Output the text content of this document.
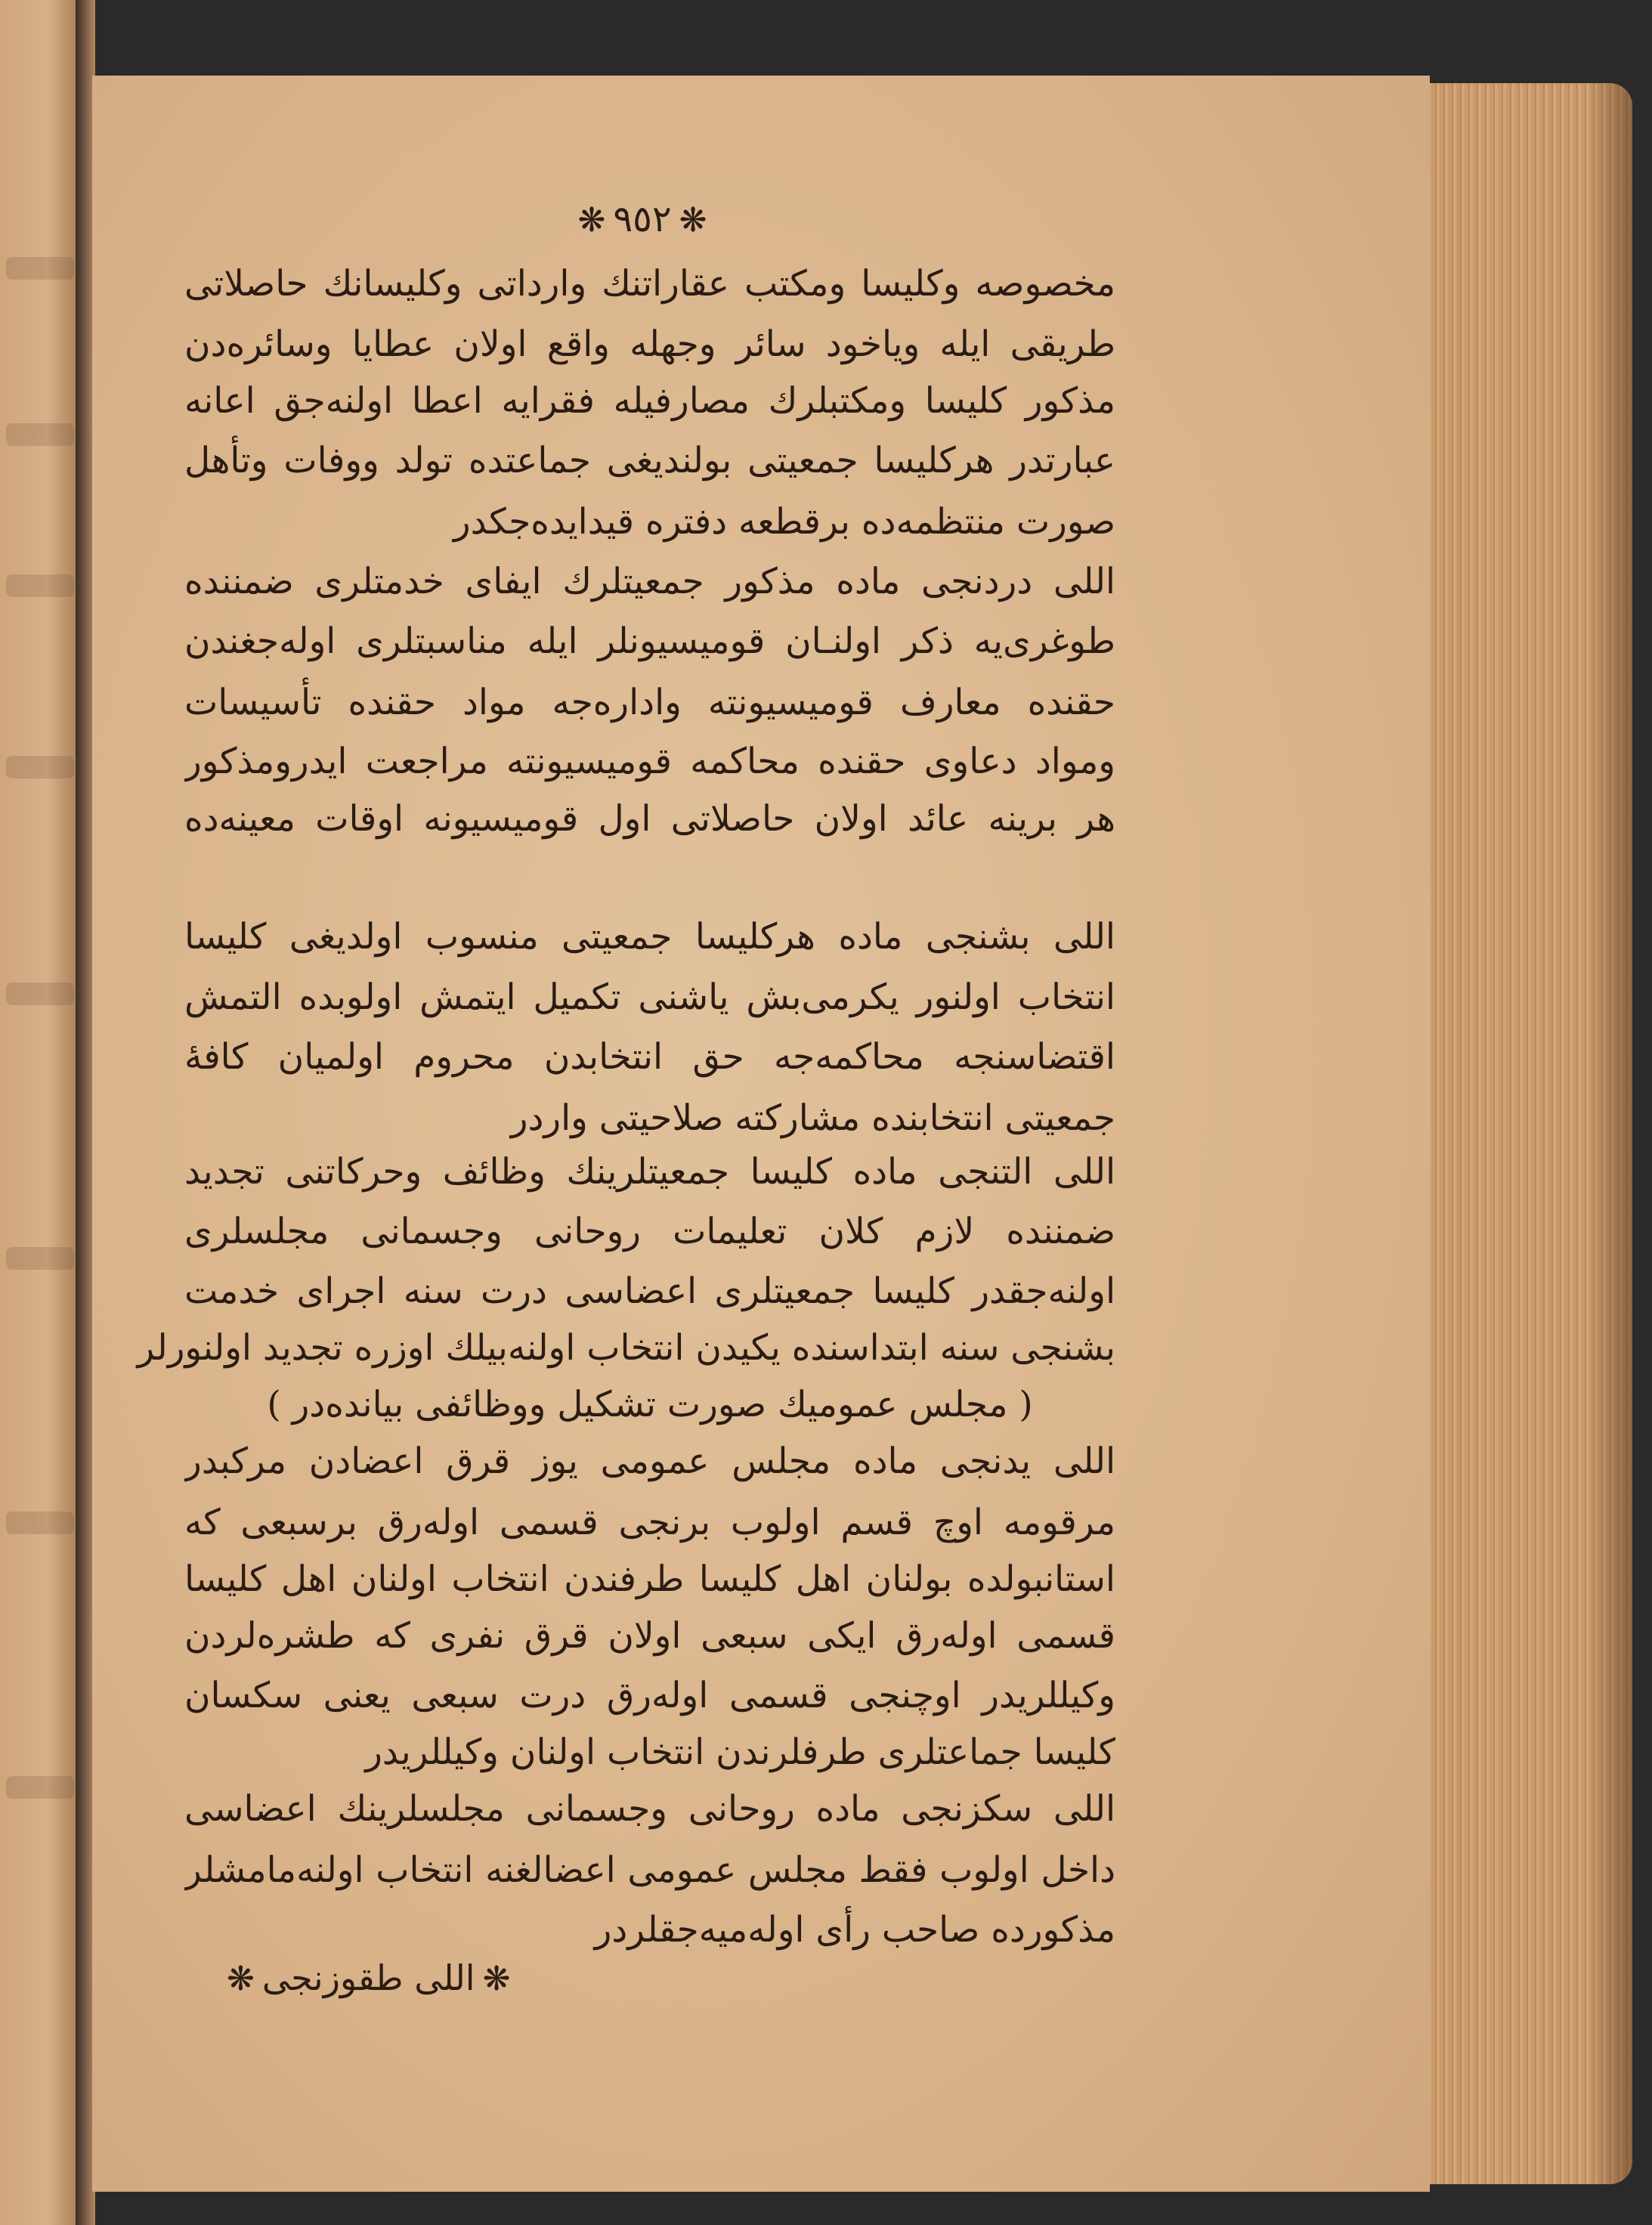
❋٩٥٢❋
مخصوصه وكليسا ومكتب عقاراتنك وارداتى وكليسانك حاصلاتى
طريقى ايله وياخود سائر وجهله واقع اولان عطايا وسائره‌دن
مذكور كليسا ومكتبلرك مصارفيله فقرايه اعطا اولنه‌جق اعانه
عبارتدر هركليسا جمعيتى بولنديغى جماعتده تولد ووفات وتأهل
صورت منتظمه‌ده برقطعه دفتره قيدايده‌جكدر
اللى دردنجى ماده مذكور جمعيتلرك ايفاى خدمتلرى ضمننده
طوغرى‌يه ذكر اولنـان قوميسيونلر ايله مناسبتلرى اوله‌جغندن
حقنده معارف قوميسيونته واداره‌جه مواد حقنده تأسيسات
ومواد دعاوى حقنده محاكمه قوميسيونته مراجعت ايدرومذكور
هر برينه عائد اولان حاصلاتى اول قوميسيونه اوقات معينه‌ده
اللى بشنجى ماده هركليسا جمعيتى منسوب اولديغى كليسا
انتخاب اولنور يكرمى‌بش ياشنى تكميل ايتمش اولوبده التمش
اقتضاسنجه محاكمه‌جه حق انتخابدن محروم اولميان كافهٔ
جمعيتى انتخابنده مشاركته صلاحيتى واردر
اللى التنجى ماده كليسا جمعيتلرينك وظائف وحركاتنى تجديد
ضمننده لازم كلان تعليمات روحانى وجسمانى مجلسلرى
اولنه‌جقدر كليسا جمعيتلرى اعضاسى درت سنه اجراى خدمت
بشنجى سنه ابتداسنده يكيدن انتخاب اولنه‌بيلك اوزره تجديد اولنورلر
( مجلس عموميك صورت تشكيل ووظائفى بيانده‌در )
اللى يدنجى ماده مجلس عمومى يوز قرق اعضادن مركبدر
مرقومه اوچ قسم اولوب برنجى قسمى اوله‌رق برسبعى كه
استانبولده بولنان اهل كليسا طرفندن انتخاب اولنان اهل كليسا
قسمى اوله‌رق ايكى سبعى اولان قرق نفرى كه طشره‌لردن
وكيللريدر اوچنجى قسمى اوله‌رق درت سبعى يعنى سكسان
كليسا جماعتلرى طرفلرندن انتخاب اولنان وكيللريدر
اللى سكزنجى ماده روحانى وجسمانى مجلسلرينك اعضاسى
داخل اولوب فقط مجلس عمومى اعضالغنه انتخاب اولنه‌مامشلر
مذكورده صاحب رأى اوله‌ميه‌جقلردر
❋اللى طقوزنجى❋
